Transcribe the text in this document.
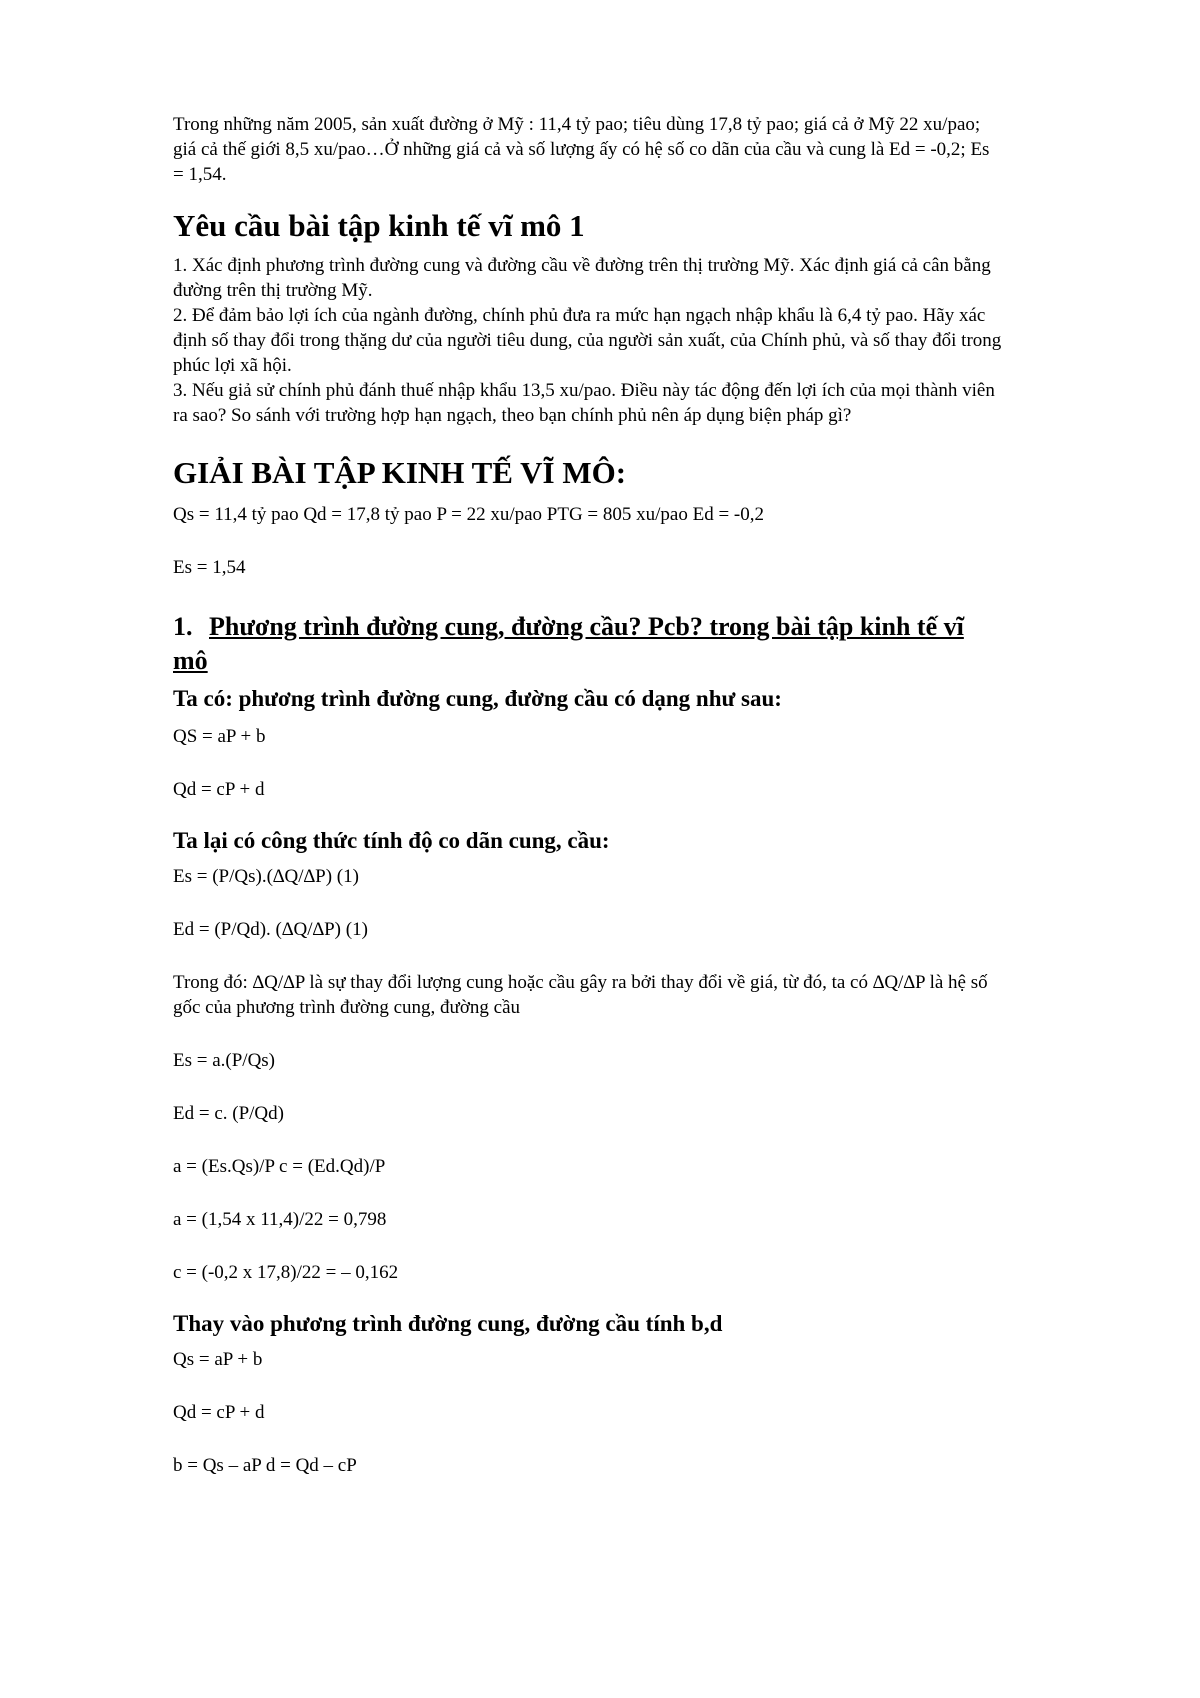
Trong những năm 2005, sản xuất đường ở Mỹ : 11,4 tỷ pao; tiêu dùng 17,8 tỷ pao; giá cả ở Mỹ 22 xu/pao;

giá cả thế giới 8,5 xu/pao…Ở những giá cả và số lượng ấy có hệ số co dãn của cầu và cung là Ed = -0,2; Es

= 1,54.

Yêu cầu bài tập kinh tế vĩ mô 1

1. Xác định phương trình đường cung và đường cầu về đường trên thị trường Mỹ. Xác định giá cả cân bằng

đường trên thị trường Mỹ.

2. Để đảm bảo lợi ích của ngành đường, chính phủ đưa ra mức hạn ngạch nhập khẩu là 6,4 tỷ pao. Hãy xác

định số thay đổi trong thặng dư của người tiêu dung, của người sản xuất, của Chính phủ, và số thay đổi trong

phúc lợi xã hội.

3. Nếu giả sử chính phủ đánh thuế nhập khẩu 13,5 xu/pao. Điều này tác động đến lợi ích của mọi thành viên

ra sao? So sánh với trường hợp hạn ngạch, theo bạn chính phủ nên áp dụng biện pháp gì?

GIẢI BÀI TẬP KINH TẾ VĨ MÔ:

Qs = 11,4 tỷ pao Qd = 17,8 tỷ pao P = 22 xu/pao PTG = 805 xu/pao Ed = -0,2

Es = 1,54

1. Phương trình đường cung, đường cầu? Pcb? trong bài tập kinh tế vĩ
mô
Ta có: phương trình đường cung, đường cầu có dạng như sau:

QS = aP + b

Qd = cP + d

Ta lại có công thức tính độ co dãn cung, cầu:

Es = (P/Qs).(∆Q/∆P) (1)

Ed = (P/Qd). (∆Q/∆P) (1)

Trong đó: ∆Q/∆P là sự thay đổi lượng cung hoặc cầu gây ra bởi thay đổi về giá, từ đó, ta có ∆Q/∆P là hệ số

gốc của phương trình đường cung, đường cầu

Es = a.(P/Qs)

Ed = c. (P/Qd)

a = (Es.Qs)/P c = (Ed.Qd)/P

a = (1,54 x 11,4)/22 = 0,798

c = (-0,2 x 17,8)/22 = – 0,162

Thay vào phương trình đường cung, đường cầu tính b,d

Qs = aP + b

Qd = cP + d

b = Qs – aP d = Qd – cP
